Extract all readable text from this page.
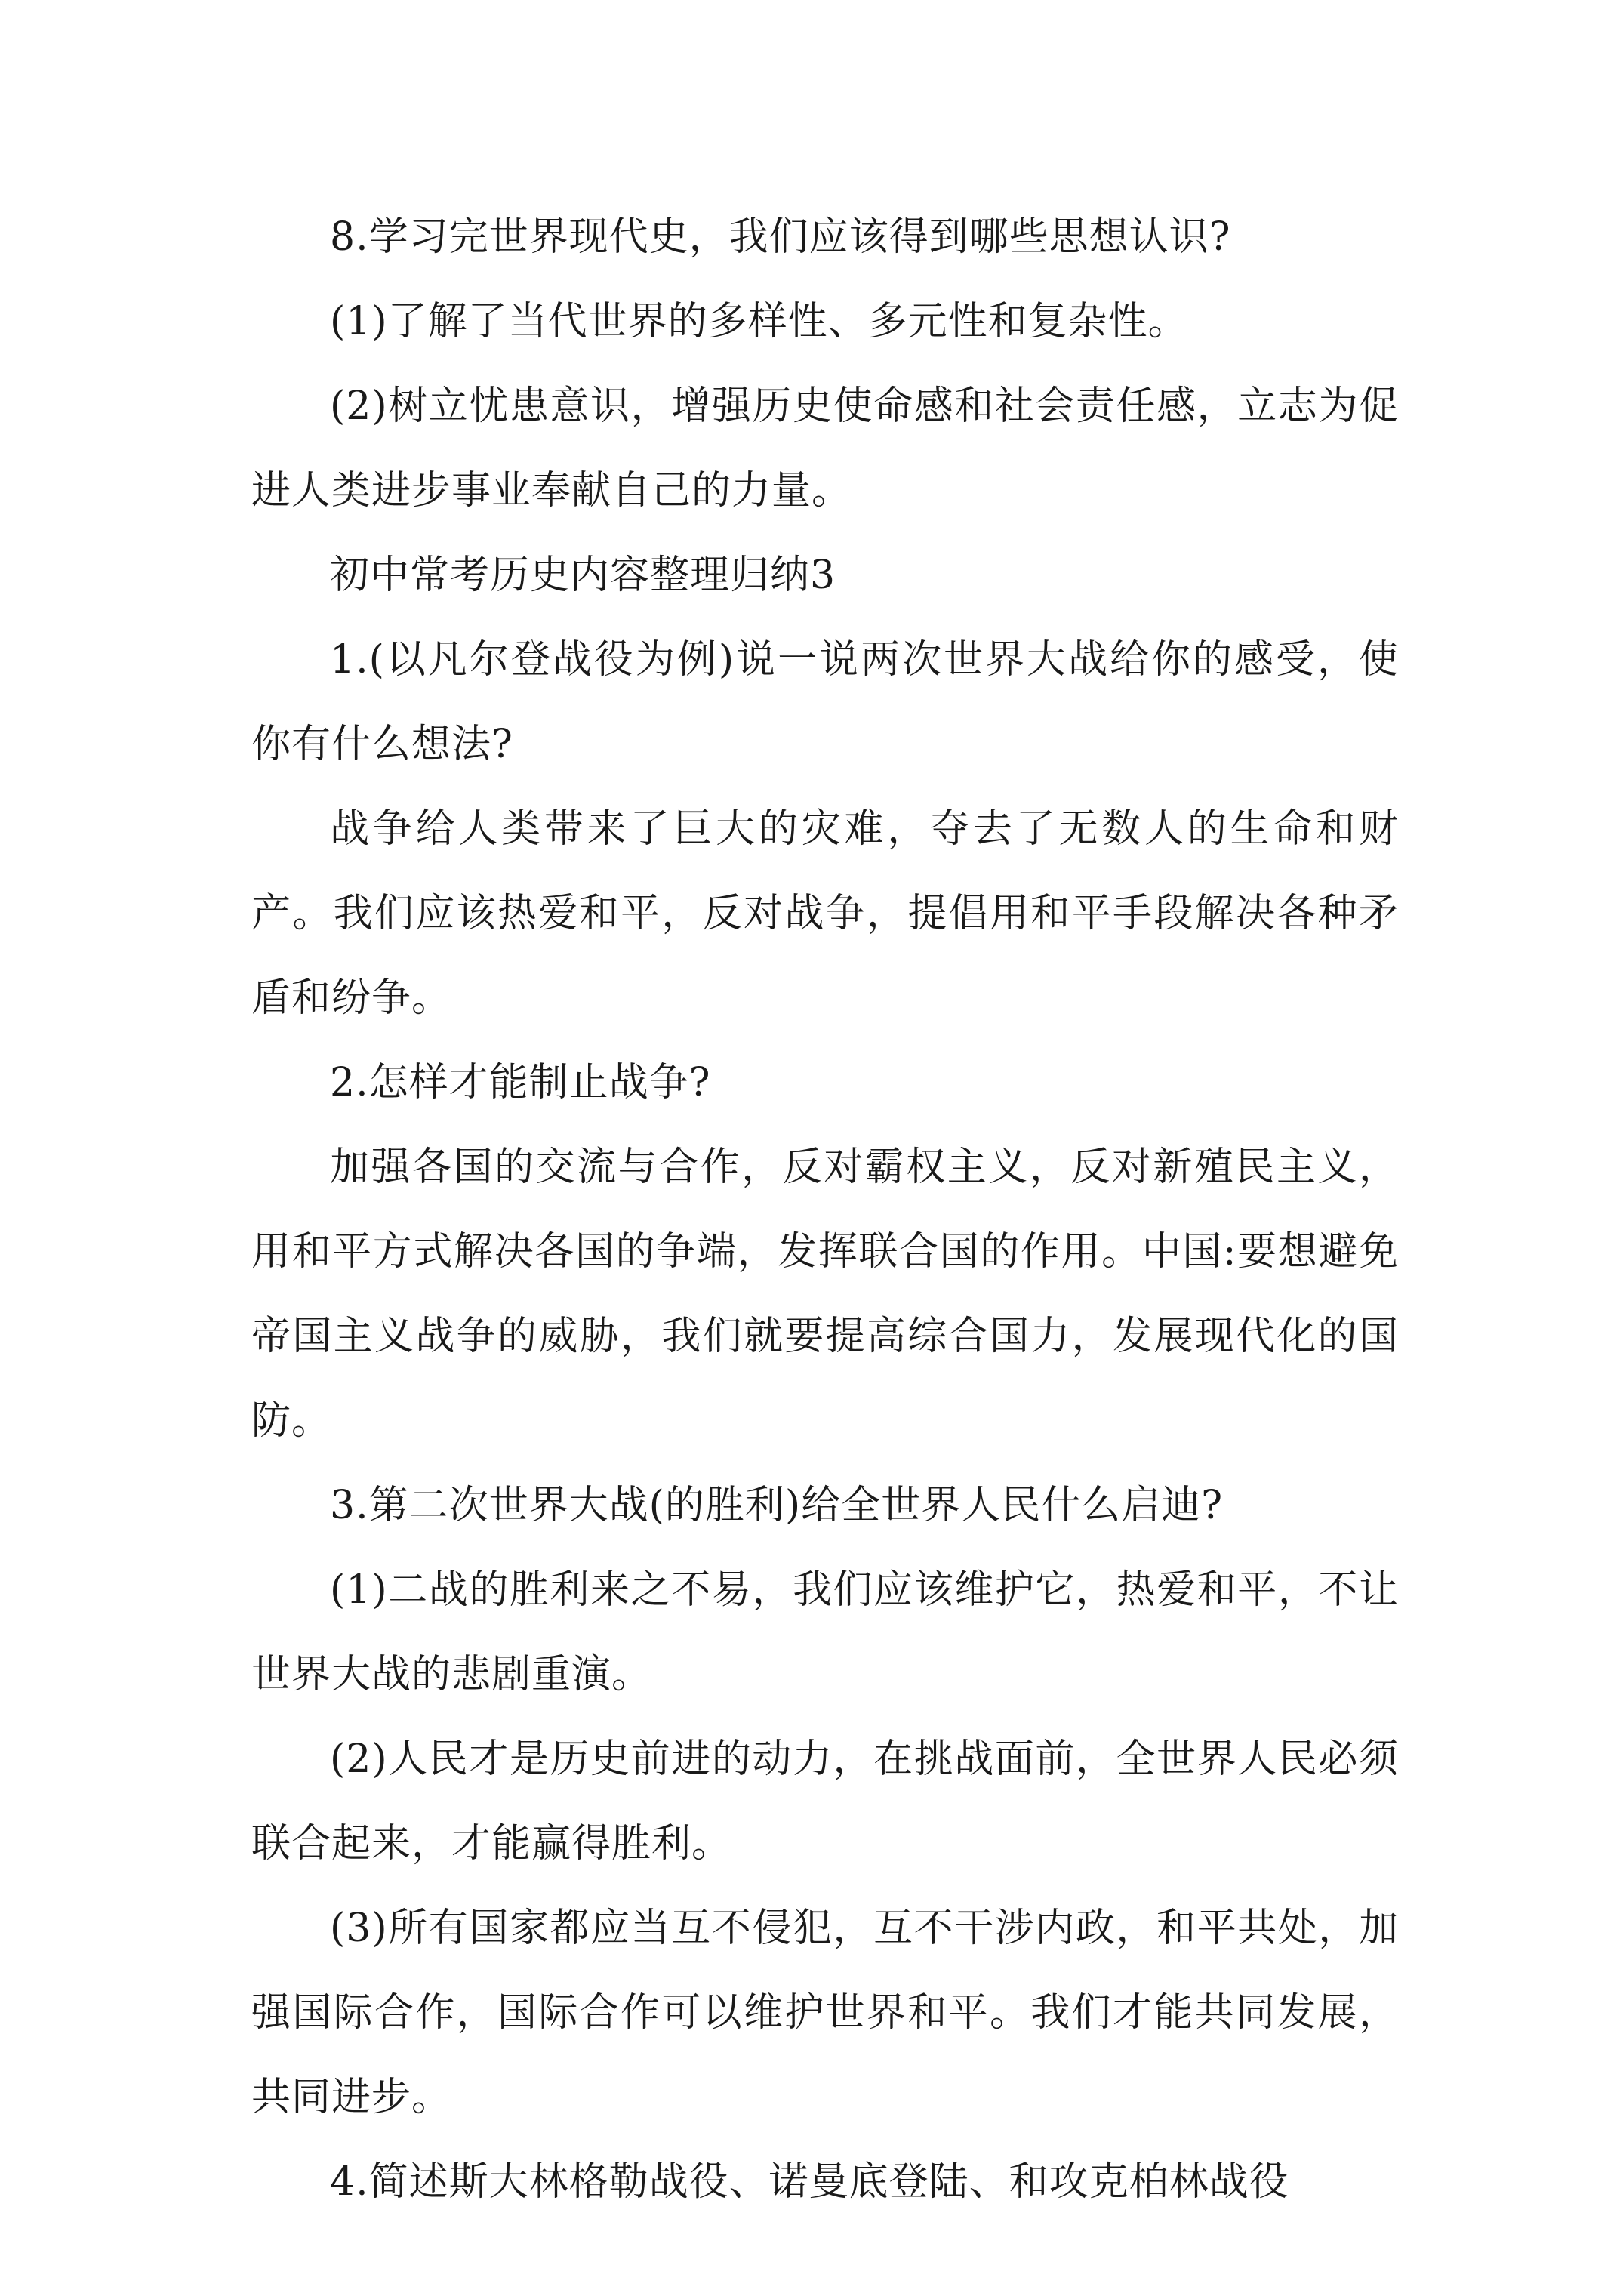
8.学习完世界现代史，我们应该得到哪些思想认识?

(1)了解了当代世界的多样性、多元性和复杂性。

(2)树立忧患意识，增强历史使命感和社会责任感，立志为促进人类进步事业奉献自己的力量。

初中常考历史内容整理归纳3

1.(以凡尔登战役为例)说一说两次世界大战给你的感受，使你有什么想法?

战争给人类带来了巨大的灾难，夺去了无数人的生命和财产。我们应该热爱和平，反对战争，提倡用和平手段解决各种矛盾和纷争。

2.怎样才能制止战争?

加强各国的交流与合作，反对霸权主义，反对新殖民主义，用和平方式解决各国的争端，发挥联合国的作用。中国:要想避免帝国主义战争的威胁，我们就要提高综合国力，发展现代化的国防。

3.第二次世界大战(的胜利)给全世界人民什么启迪?

(1)二战的胜利来之不易，我们应该维护它，热爱和平，不让世界大战的悲剧重演。

(2)人民才是历史前进的动力，在挑战面前，全世界人民必须联合起来，才能赢得胜利。

(3)所有国家都应当互不侵犯，互不干涉内政，和平共处，加强国际合作，国际合作可以维护世界和平。我们才能共同发展，共同进步。

4.简述斯大林格勒战役、诺曼底登陆、和攻克柏林战役
